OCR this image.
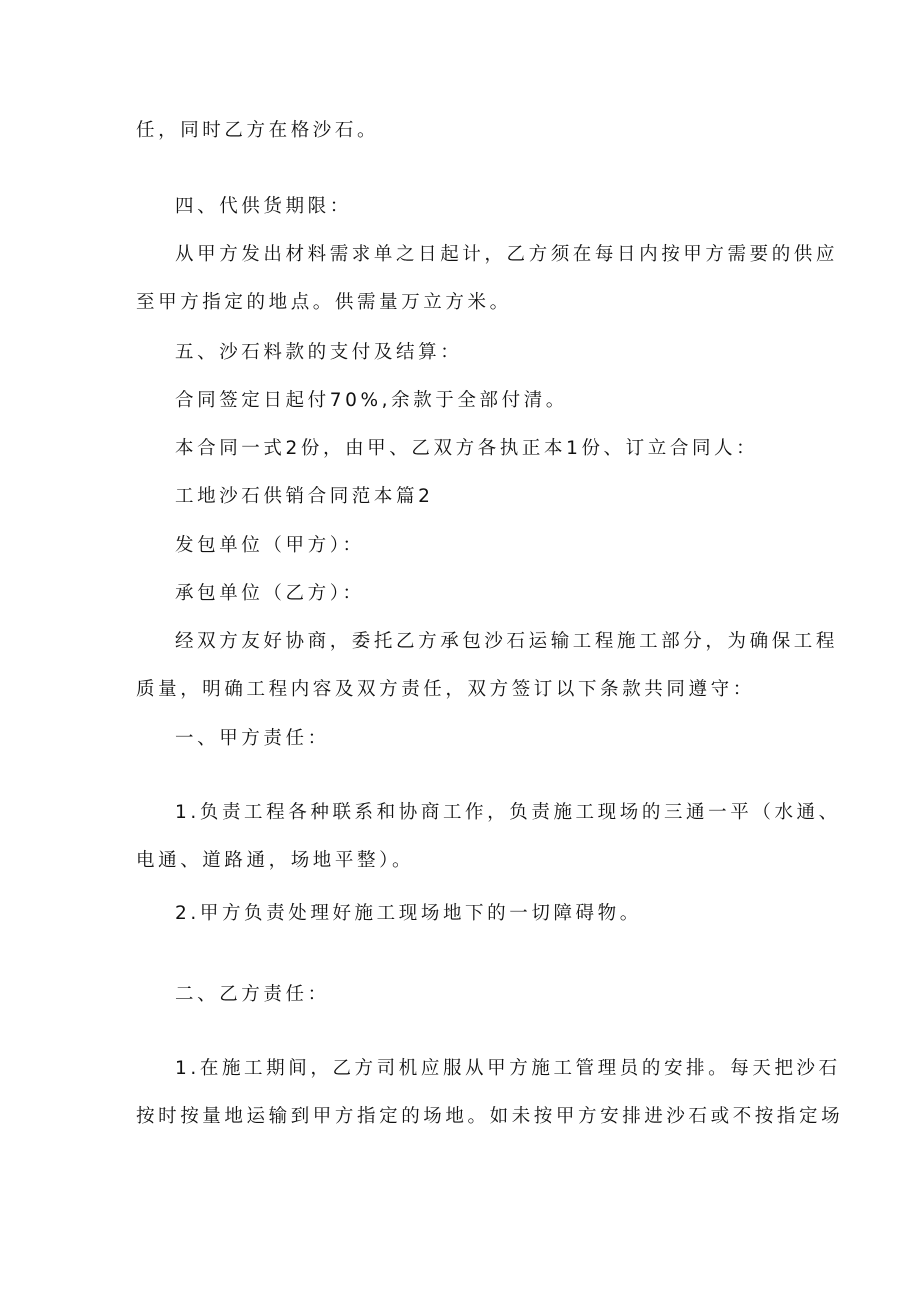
任，同时乙方在格沙石。
四、代供货期限：
从甲方发出材料需求单之日起计，乙方须在每日内按甲方需要的供应
至甲方指定的地点。供需量万立方米。
五、沙石料款的支付及结算：
合同签定日起付70%,余款于全部付清。
本合同一式2份，由甲、乙双方各执正本1份、订立合同人：
工地沙石供销合同范本篇2
发包单位（甲方）：
承包单位（乙方）：
经双方友好协商，委托乙方承包沙石运输工程施工部分，为确保工程
质量，明确工程内容及双方责任，双方签订以下条款共同遵守：
一、甲方责任：
1.负责工程各种联系和协商工作，负责施工现场的三通一平（水通、
电通、道路通，场地平整）。
2.甲方负责处理好施工现场地下的一切障碍物。
二、乙方责任：
1.在施工期间，乙方司机应服从甲方施工管理员的安排。每天把沙石
按时按量地运输到甲方指定的场地。如未按甲方安排进沙石或不按指定场
